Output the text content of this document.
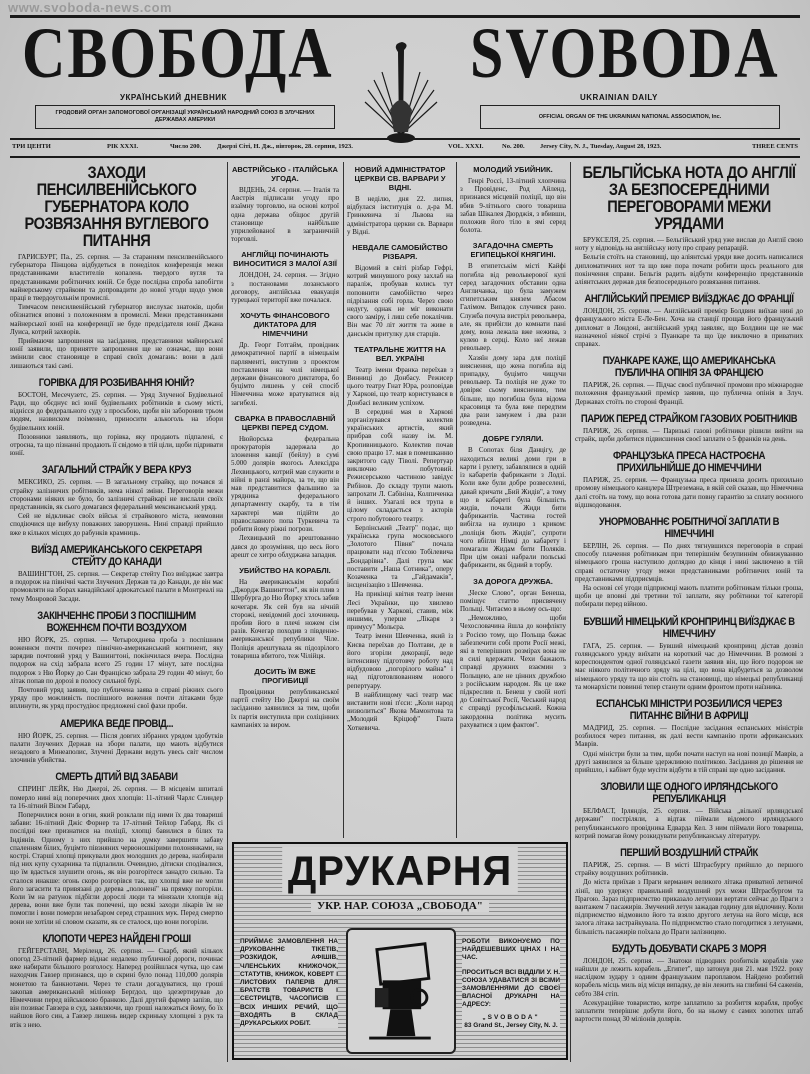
www.svoboda-news.com
СВОБОДА SVOBODA
УКРАЇНСЬКИЙ ДНЕВНИК	UKRAINIAN DAILY
ГРОДОВИЙ ОРГАН ЗАПОМОГОВОЇ ОРГАНІЗАЦІЇ УКРАЇНСЬКИЙ НАРОДНИЙ СОЮЗ В ЗЛУЧЕНИХ ДЕРЖАВАХ АМЕРИКИ
OFFICIAL ORGAN OF THE UKRAINIAN NATIONAL ASSOCIATION, Inc.
ТРИ ЦЕНТИ	РІК XXXI.	Число 200. Джерзі Сіті, Н. Дж., вівторок, 28. серпня, 1923.	VOL. XXXI.	No. 200. Jersey City, N. J., Tuesday, August 28, 1923.	THREE CENTS
ЗАХОДИ ПЕНСИЛВЕНІЙСЬКОГО ГУБЕРНАТОРА КОЛО РОЗВЯЗАННЯ ВУГЛЕВОГО ПИТАННЯ

ГАРИСБУРГ, Па., 25. серпня. — За старанням пенсилвенійського губернатора Пінщова відбудеться в понеділок конференція межи представниками властителів копалень твердого вугля та представниками робітничих юній. Се буде послідна спроба запобігти майнерському страйкови та допровадити до нової угоди щодо умов праці в твердоугольнім промислі.

Тимчасом пенсилвенійський губернатор вислухає знатоків, щоби обізнатися вповні з положенням в промислі. Межи представниками майнерської юнії на конференції не буде предсідателя юнії Джана Луиса, котрий захворів.

Приймаючи запрошення на засідання, представники майнерської юнії заявили, що принятте запрошення ще не означає, що вони змінили своє становище в справі своїх домагань: вони в далі лишаються такі самі.

ГОРІВКА ДЛЯ РОЗБИВАННЯ ЮНІЙ?

БОСТОН, Месечузетс, 25. серпня. — Уряд Злученої Будівельної Ради, що обєднує всі юнії будівельних робітників в сьому місті, віднісся до федерального суду з просьбою, щоби він заборонив трьом людям, назвиском поіменно, приносити алькоголь на збори будівельних юній.

Позовники заявляють, що горівка, яку продають підпалені, є отроєна, та що пізнанні продають її свідомо в тій ціли, щоби підривати юнії.

ЗАГАЛЬНИЙ СТРАЙК У ВЕРА КРУЗ

МЕКСИКО, 25. серпня. — В загальному страйку, що почався зі страйку залізничих робітників, нема ніякої зміни. Переговорів межи сторонами ніяких не було, бо залізничі страйкарі не вислали своїх представників, як сього домагався федеральний мексиканський уряд.

Сей не відкликає своїх військ зі страйкового міста, невмовни сподіючися ще вибуху поважних заворушень. Нині справді прийшло вже в кількох місцях до рабунків крамниць.

ВИЇЗД АМЕРИКАНСЬКОГО СЕКРЕТАРЯ СТЕЙТУ ДО КАНАДИ

ВАШИНГТОН, 25. серпня. — Секретар стейту Гюз виїзджає завтра в подорож на північні части Злучених Держав та до Канади, де він має промовляти на зборах канадійської адвокатської палати в Монтреалі на тему Монровой Засади.

ЗАКІНЧЕННЄ ПРОБИ З ПОСПІШНИМ ВОЖЕННЄМ ПОЧТИ ВОЗДУХОМ

НЮ ЙОРК, 25. серпня. — Четырохднева проба з поспішним воженнєм почти почерез північно-американський континент, яку зарядив почтовий уряд у Вашингтоні, покінчилася вчера. Послідна подорож на схід забрала всего 25 годин 17 мінут, зате послідна подорож з Ню Йорку до Сан Франціско забрала 29 годин 40 мінут, бо літак попав по дорозі в полосу сильної бурі.

Почтовий уряд заявив, що публичена заява в справі ріжних сього уряду про можливість поспішного воження почти літаками буде вплинути, як уряд простудіює предложені свої фахи проби.

АМЕРИКА ВЕДЕ ПРОВІД...

НЮ ЙОРК, 25. серпня. — Після довгих зібраних урядом здобутків палати Злучених Держав на збори палати, що мають відбутися незадовго в Минеаполис, Злучені Держави ведуть увесь світ числом злочинів убийства.

СМЕРТЬ ДІТИЙ ВІД ЗАБАВИ

СПРИНГ ЛЕЙК, Ню Джерзі, 26. серпня. — В місцевім шпиталі померло нині від поперечних двох хлопців: 11-літний Чарлс Слиндер та 16-літний Вілєм Габард.

Поперчилися вони в огни, який розклали під ними їх два товариші забави: 16-літний Джіс Форнер та 17-літний Тейлор Габард. Як сі послідні вже признатися на поліції, хлопці бавилися в білих та Індіянів. Одному з них прийшло на думку завершити забаву спаленням білих, буцімто півзняних червоношкірими полонянками, на кострі. Старші хлопці прикували двох молодших до дерева, назбирали під них купу сухарника та підпалили. Очевидно, дітиски сподівалися, що їм вдасться злушити огонь, як він розгорітеся занадто сильно. Та сталося инакше: огонь скоро розгорівся так, що хлопці вже не могли його загасити та привязані до дерева „полонені" на прямку погоріли. Коли їм на ратунок підбігли дорослі люди та мінязали хлопців від дерева, вони вже були так попечені, що всякі заходи лікарів їм не помогли і вони померли незабаром серед страшних мук. Перед смертю вони не хотіли ні словом сказати, як се сталося, що вони погоріли.

КЛОПОТИ ЧЕРЕЗ НАЙДЕНІ ГРОШІ

ГЕЙГЕРСТАВН, Меріленд, 26. серпня. — Скарб, який кількох опогод 23-літний фармер віднає недалеко публичної дороги, починає вже набирати більшого розголосу. Наперед розійшлася чутка, що сам находчик Гавзер признався, що в скрині було понад 110,000 долярів монетою та банкнотами. Через те стали догадуватися, що гроші закопав американський міліонер Бергдол, що здезертирував до Німеччини перед військовою бранкою. Далі другий фармер запізв, що він позиває Гавзера в суд, заявляючи, що гроші належаться йому, бо їх найшов його син, а Гавзер лишень видер скриньку хлопцеві з рук та втік з нею.

АВСТРІЙСЬКО - ІТАЛІЙСЬКА УГОДА.

ВІДЕНЬ, 24. серпня. — Італія та Австрія підписали угоду про взаїмну торговлю, на основі котрої одна держава обіцює другій становище найбільше уприлейованої в заграничній торговлі.

АНГЛІЙЦІ ПОЧИНАЮТЬ ВИНОСИТИСЯ З МАЛОЇ АЗІЇ

ЛОНДОН, 24. серпня. — Згідно з постановами лозанського договору, англійська евакуація турецької території вже почалася.

ХОЧУТЬ ФІНАНСОВОГО ДИКТАТОРА ДЛЯ НІМЕЧЧИНИ

Др. Георг Готгайм, провідник демократичної партії в німецькім парляменті, виступив з проектом поставлення на чолі німецької держави фінансового диктатора, бо буцімто лишень у сей спосіб Німеччина може вратуватися від загибелі.

СВАРКА В ПРАВОСЛАВНІЙ ЦЕРКВІ ПЕРЕД СУДОМ.

Нюйорська федеральна прокураторія задержала до зложення кавції (бейлу) в сумі 5.000 долярів якогось Алексідра Лехвицького, котрий мав служити в війні в ранзі майора, за те, що він мав представитися фальшиво за урядника федерального департаменту скарбу, та в тім характері мав підійти до православного попа Туркевича та робити йому ріжні погрози.

Лехвицький по арештованню дався до зрозуміння, що весь його арешт се хитро облуджана западня.

УБИЙСТВО НА КОРАБЛІ.

На американськім кораблі „Джордж Вашингтон", як він плив з Шербурга до Ню Йорку хтось забив кочегаря. Як сей був на нічній сторожі, невідомий досі злочинець пробив його в плечі ножем сім разів. Кочегар походив з південно-американської републики Чіле. Поліція арештувала як підозрілого товариша вбитого, теж Чілійця.

ДОСИТЬ ЇМ ВЖЕ ПРОГИБИЦІЇ

Провідники републиканської партії стейту Ню Джерзі на своїм засіданню заявилися за тим, щоби їх партія виступила при соліцінних кампаніях за виром.

НОВИЙ АДМІНІСТРАТОР ЦЕРКВИ СВ. ВАРВАРИ У ВІДНІ.

В неділю, дня 22. липня, відбулася інституція о. д-ра М. Гринкевича зі Львова на адміністратора церкви св. Варвари у Відні.

НЕВДАЛЕ САМОБІЙСТВО РІЗБАРЯ.

Відомий в світі різбар Гефрі, котрий минувшого року захлаб на параліж, пробував колись тут поповнити самобійство через підрізання собі горла. Через свою недугу, однак не міг виконати свого заміру, і лиш себе покалічив. Він має 70 літ життя та живе в данськім притулку для старців.

ТЕАТРАЛЬНЕ ЖИТТЯ НА ВЕЛ. УКРАЇНІ

Театр імени Франка переїхав з Винниці до Донбасу. Режисер цього театру Гнат Юра, розповідав у Харкові, що театр користувався в Донбасі великим успіхом.

В середині мая в Харкові зорганізувався колектив українських артистів, який прибрав собі назву ім. М. Кропивницького. Колектив почав свою працю 17. мая в помешканню закритого саду Тіволі. Репертуар виключно побутовий. Режисерською частиною завідує Рибінов. До складу трупи мають запрохати Л. Сабініна, Колпиченка й інших. Узагалі вся трупа в цілому складається з акторів строго побутового театру.

Берлінський „Театр" подає, що українська група московського „Золотого Півня" почала працювати над п'єсою Тобілевича „Бондарівна". Далі група має поставити „Наша Сотника", оперу Козаченка та „Гайдамаків", інсценізацію з Шевченка.

На прикінці квітня театр імени Лесі Українки, що хвилево перебував у Харкові, ставив, між иншими, уперше „Лікаря з примусу" Мольєра.

Театр імени Шевченка, який із Києва переїхав до Полтави, де в його згоріли декорації, веде інтенсивну підготовчу роботу над відбудовою „погорілого майна" і над підготовлюванням нового репертуару.

В найблищому часі театр має виставити нові п'єси: „Коли народ визволиться" Якова Мамонтова та „Молодий Кріцюф" Гната Хоткевича.

МОЛОДИЙ УБИЙНИК.

Генрі Россі, 13-літний хлопчина з Провіденс, Род Айленд, признався місцевій поліції, що він вбив 9-літнього свого товариша забав Шікалея Дюрджія, з вбивши, положив його тіло в ямі серед болота.

ЗАГАДОЧНА СМЕРТЬ ЕГИПЕЦЬКОЇ КНЯГИНІ.

В египетськім місті Кайфі погибла від револьверової кулі серед загадочних обставин одна Англичанка, що була замужем єгипетським князем Абасом Галімом. Випадок случився рано. Служба почула вистріл револьвера, але, як прибігли до комнати пані дому, вона лежала вже нежива, з кулею в серці. Коло неї лежав револьвер.

Хазяїн дому зара для поліції вияснення, що жена погибла від припадку, буцімто чищучи револьвер. Та поліція не дуже то довіряє сьому вияснению, тим більше, що погибша була відома красовиця та була вже передтим два рази замужем і два рази розведена.

ДОБРЕ ГУЛЯЛИ.

В Сопотах біля Данцігу, де находиться великі доми гри в карти і рулету, забавлялися в одній із кабаретів фабриканти з Лодзі. Коли вже були добре розвеселені, давай кричати „Бий Жидів", а тому що в кабареті була більшість жидів, почали Жиди бити фабрикантів. Частина гостей вибігла на вулицю з криком: „поліція бють Жидів", супроти чого вбігли Німці до кабарету і помагали Жидам бити Поляків. При цім ожазі набрали польські фабриканти, як бідний в торбу.

ЗА ДОРОГА ДРУЖБА.

„Ческе Слово", орган Бенеша, поміщує статтю присвячену Польщі. Читаємо в ньому ось-що:

„Неможливо, щоби Чехословачина йшла до конфлікту з Росією тому, що Польща бажає забезпечити собі проти Росії межі, які в теперішних розмірах вона не в силі вдержати. Чехи бажають справді дружних взаємин з Польщею, але не цінних дружбою з російським народом. Як це вже підкреслив п. Бенеш у своїй ноті до Совітської Росії, Чеський народ є справді русофільський. Кожна закордонна політика мусить рахуватися з цим фактом".

БЕЛЬГІЙСЬКА НОТА ДО АНГЛІЇ ЗА БЕЗПОСЕРЕДНИМИ ПЕРЕГОВОРАМИ МЕЖИ УРЯДАМИ

БРУКСЕЛЯ, 25. серпня. — Бельгійський уряд уже вислав до Англії свою ноту у відповідь на англійську ноту про справу репарацій.

Бельгія стоїть на становищі, що аліянтські уряди вже досить написалися дипломатичних нот та що вже пора почати робити щось реального для покінчення справи. Бельгія радить відбути конференцію представників аліянтських держав для безпосереднього розвязання питання.

АНГЛІЙСЬКИЙ ПРЕМІЄР ВИЇЗДЖАЄ ДО ФРАНЦІЇ

ЛОНДОН, 25. серпня. — Англійський премієр Болдвин виїхав нині до французького міста Е-Ле-Бен. Хоча на станції прощав його французький дипломат в Лондоні, англійський уряд заявляє, що Болдвин ще не має назначеної ніякої стрічі з Пуанкаре та що їде виключно в приватних справах.

ПУАНКАРЕ КАЖЕ, ЩО АМЕРИКАНСЬКА ПУБЛИЧНА ОПІНІЯ ЗА ФРАНЦІЄЮ

ПАРИЖ, 26. серпня. — Підчас своєї публичної промови про міжнародне положення французький премієр заявив, що публична опінія в Злуч. Державах стоїть по стороні Франції.

ПАРИЖ ПЕРЕД СТРАЙКОМ ГАЗОВИХ РОБІТНИКІВ

ПАРИЖ, 26. серпня. — Паризькі газові робітники рішили вийти на страйк, щоби добитися підвисшення своєї заплати о 5 франків на день.

ФРАНЦУЗЬКА ПРЕСА НАСТРОЄНА ПРИХИЛЬНІЙШЕ ДО НІМЕЧЧИНИ

ПАРИЖ, 25. серпня. — Французька преса приняла досить прихильно промову німецького канцлера Штреземана, в якій сей сказав, що Німеччина далі стоїть на тому, що вона готова дати повну гарантію за сплату воєнного відшкодовання.

УНОРМОВАННЄ РОБІТНИЧОЇ ЗАПЛАТИ В НІМЕЧЧИНІ

БЕРЛІН, 26. серпня. — По днях тягнувшихся переговорів в справі способу плачення робітникам при теперішнім безупиннім обнижуванню німецького гроша наступило доглядно до кінця і нині заключено в тій справі остаточну угоду межи представниками робітничих юній та представниками підприємців.

На основі сеї угоди підприємці мають платити робітникам тільки гроша, щоби це вповні дві третини тої заплати, яку робітники тої категорії побирали перед війною.

БУВШИЙ НІМЕЦЬКИЙ КРОНПРИНЦ ВИЇЗДЖАЄ В НІМЕЧЧИНУ

ГАГА, 25. серпня. — Бувший німецький кронпринц дістав дозвіл голяндського уряду виїхати на короткий час до Німеччини. В розмові з кореспондентом одної голяндської газети заявив він, що його подорож не має ніякого політичного зряду на цілі, що вона відбудеться за дозволом німецького уряду та що він стоїть на становищі, що німецькі републиканці та монархісти повинні тепер станути одним фронтом проти наїзника.

ЕСПАНСЬКІ МІНІСТРИ РОЗБИЛИСЯ ЧЕРЕЗ ПИТАННЄ ВІЙНИ В АФРИЦІ

МАДРИД, 25. серпня. — Послідне засідання еспанських міністрів розбилося через питання, як далі вести кампанію проти африканських Маврів.

Одні міністри були за тим, щоби почати наступ на нові позиції Маврів, а другі заявилися за більше здержливою політикою. Засідання до рішення не прийшло, і кабінет буде мусіти відбути в тій справі ще одно засідання.

ЗЛОВИЛИ ЩЕ ОДНОГО ИРЛЯНДСЬКОГО РЕПУБЛИКАНЦЯ

БЕЛФАСТ, Ірляндія, 25. серпня. — Війська „вільної ирляндської держави" постріляли, а відтак піймали відомого ирляндського републиканського провідника Едварда Кел. З ним піймали його товариша, котрий помагав йому розкидувати републиканську літературу.

ПЕРШИЙ ВОЗДУШНИЙ СТРАЙК

ПАРИЖ, 25. серпня. — В місті Штрасбургу прийшло до першого страйку воздушних робітників.

До міста приїхав з Праги керманич великого літака приватної летничої лінії, що удержує правильний воздушний рух межи Штрасбургом та Прагою. Зараз підприємство приказало летунови вертати сейчас до Праги з вантажем 7 пасажирів. Змучений летун зажадав годину для відпочину. Коли підприємство відмовило його та взяло другого летуна на його місце, вся залога літака застрайкувала. По підприємство стало погодитися з летунами, більшість пасажирів поїхала до Праги залізницею.

БУДУТЬ ДОБУВАТИ СКАРБ З МОРЯ

ЛОНДОН, 25. серпня. — Знатоки підводних розбитків кораблів уже найшли де лежить корабель „Египет", що затонув дня 21. мая 1922. року наслідком зудару з одним французьким пароплавом. Найдено розбитий корабель місць миль від місця випадку, де він лежить на глибині 64 саженів, себто 384 стіп.

Асекураційне товариство, котре заплатило за розбиття корабля, пробує заплатити теперішнє добути його, бо на ньому є самих золотих штаб вартости понад 30 міліонів долярів.

ДРУКАРНЯ
УКР. НАР. СОЮЗА „СВОБОДА"
ПРИЙМАЄ ЗАМОВЛЕННЯ НА ДРУКОВАННЄ ТІКЕТІВ, РОЗКИДОК, АФІШІВ, ЧЛЕНСЬКИХ КНИЖОЧОК, СТАТУТІВ, КНИЖОК, КОВЕРТ І ЛИСТОВИХ ПАПЕРІВ ДЛЯ БРАТСТВ ТОВАРИСТВ І СЕСТРИЦТВ, ЧАСОПИСІВ І ВСІХ ИНШИХ РЕЧИЙ, ЩО ВХОДЯТЬ В СКЛАД ДРУКАРСЬКИХ РОБІТ.
РОБОТИ ВИКОНУЄМО ПО НАЙДЕШЕВШИХ ЦІНАХ І НА ЧАС.
ПРОСИТЬСЯ ВСІ ВІДДІЛИ У. Н. СОЮЗА УДАВАТИСЯ ЗІ ВСІМИ ЗАМОВЛЕННЯМИ ДО СВОЄЇ ВЛАСНОЇ ДРУКАРНІ НА АДРЕСУ:
„SVOBODA"
83 Grand St., Jersey City, N. J.
